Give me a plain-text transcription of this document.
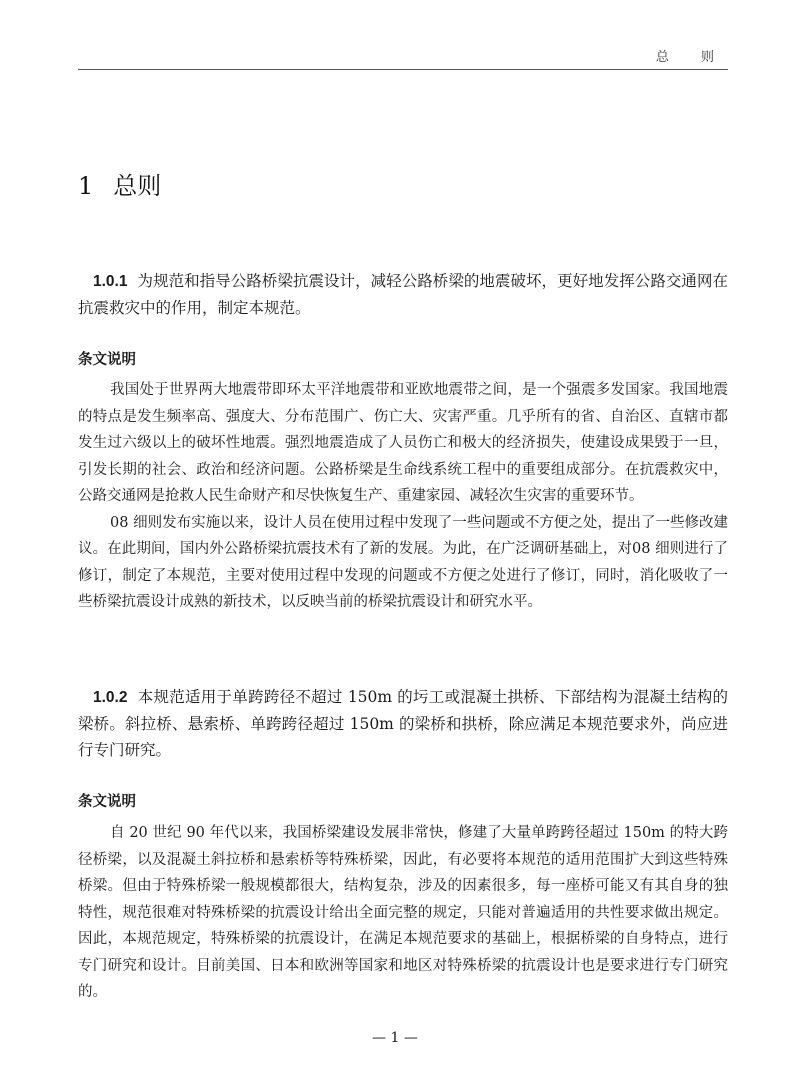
总 则
1 总则

1.0.1 为规范和指导公路桥梁抗震设计，减轻公路桥梁的地震破坏，更好地发挥公路交通网在抗震救灾中的作用，制定本规范。

条文说明

我国处于世界两大地震带即环太平洋地震带和亚欧地震带之间，是一个强震多发国家。我国地震的特点是发生频率高、强度大、分布范围广、伤亡大、灾害严重。几乎所有的省、自治区、直辖市都发生过六级以上的破坏性地震。强烈地震造成了人员伤亡和极大的经济损失，使建设成果毁于一旦，引发长期的社会、政治和经济问题。公路桥梁是生命线系统工程中的重要组成部分。在抗震救灾中，公路交通网是抢救人民生命财产和尽快恢复生产、重建家园、减轻次生灾害的重要环节。

08 细则发布实施以来，设计人员在使用过程中发现了一些问题或不方便之处，提出了一些修改建议。在此期间，国内外公路桥梁抗震技术有了新的发展。为此，在广泛调研基础上，对08 细则进行了修订，制定了本规范，主要对使用过程中发现的问题或不方便之处进行了修订，同时，消化吸收了一些桥梁抗震设计成熟的新技术，以反映当前的桥梁抗震设计和研究水平。

1.0.2 本规范适用于单跨跨径不超过 150m 的圬工或混凝土拱桥、下部结构为混凝土结构的梁桥。斜拉桥、悬索桥、单跨跨径超过 150m 的梁桥和拱桥，除应满足本规范要求外，尚应进行专门研究。

条文说明

自 20 世纪 90 年代以来，我国桥梁建设发展非常快，修建了大量单跨跨径超过 150m 的特大跨径桥梁，以及混凝土斜拉桥和悬索桥等特殊桥梁，因此，有必要将本规范的适用范围扩大到这些特殊桥梁。但由于特殊桥梁一般规模都很大，结构复杂，涉及的因素很多，每一座桥可能又有其自身的独特性，规范很难对特殊桥梁的抗震设计给出全面完整的规定，只能对普遍适用的共性要求做出规定。因此，本规范规定，特殊桥梁的抗震设计，在满足本规范要求的基础上，根据桥梁的自身特点，进行专门研究和设计。目前美国、日本和欧洲等国家和地区对特殊桥梁的抗震设计也是要求进行专门研究的。

— 1 —
